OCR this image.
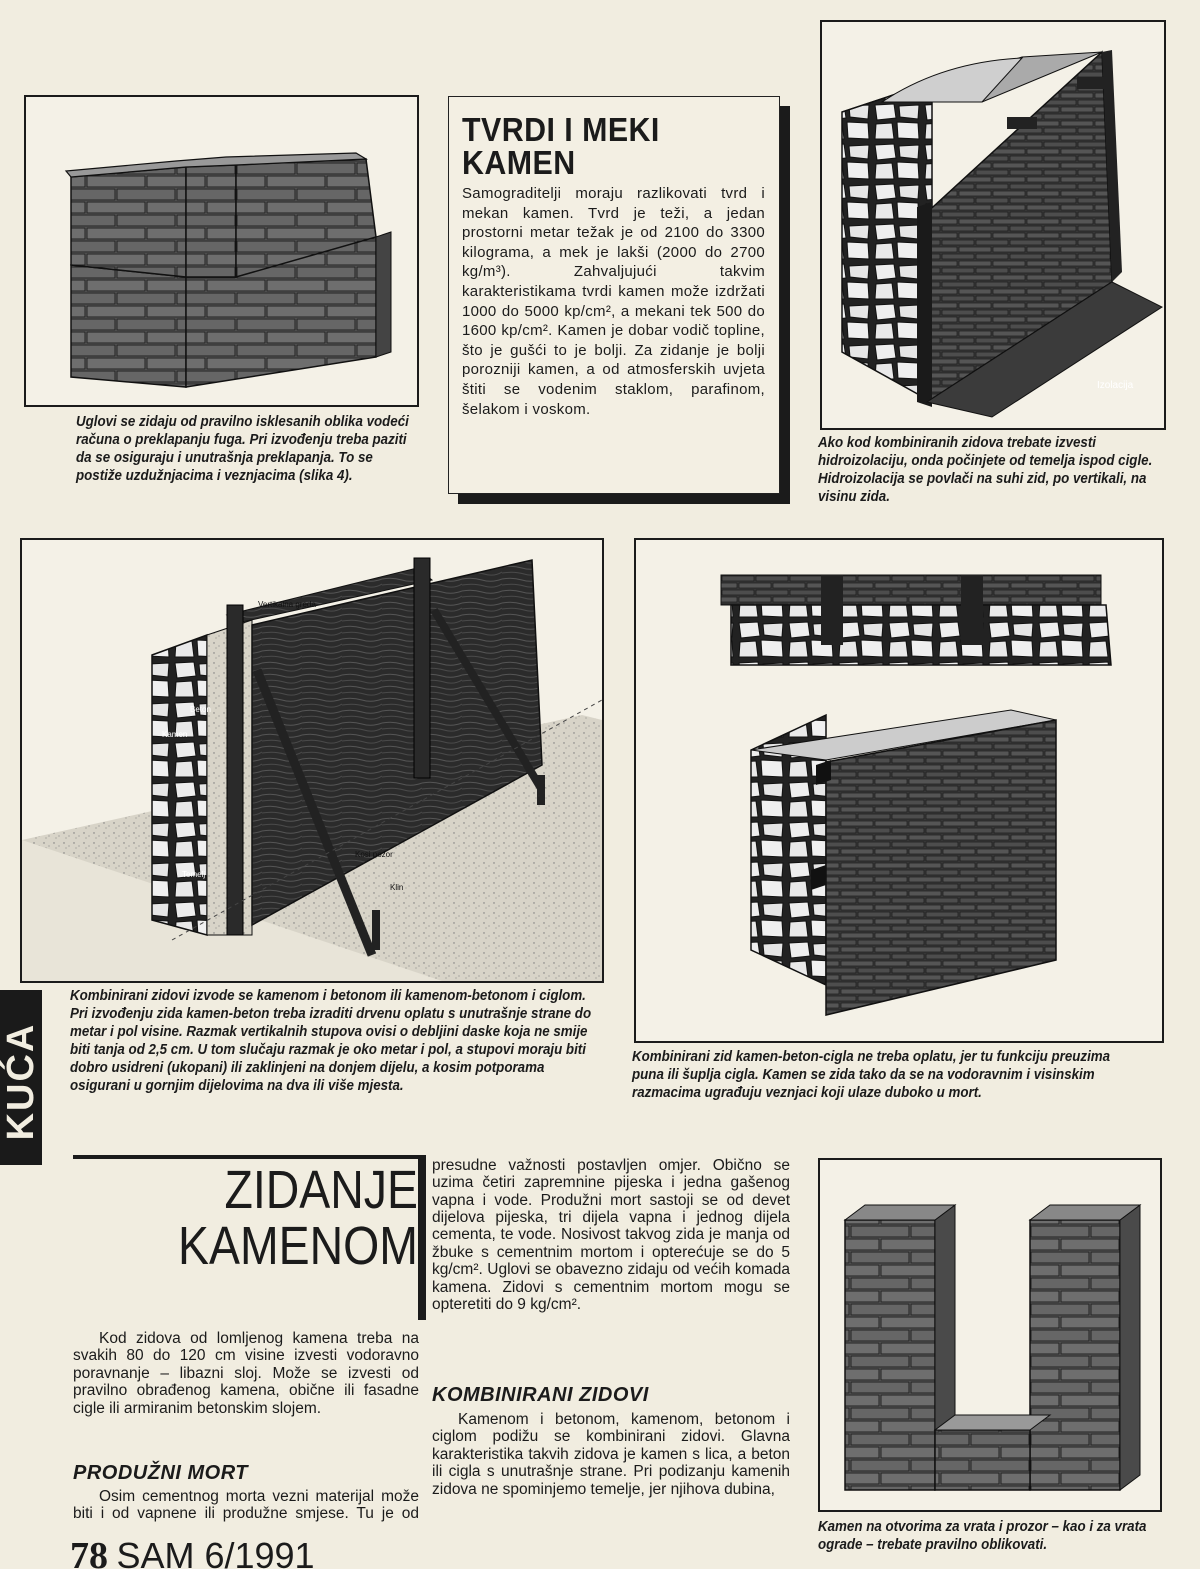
Uglovi se zidaju od pravilno isklesanih oblika vodeći računa o preklapanju fuga. Pri izvođenju treba paziti da se osiguraju i unutrašnja preklapanja. To se postiže uzdužnjacima i veznjacima (slika 4).
TVRDI I MEKI
KAMEN
Samograditelji moraju razlikovati tvrd i mekan kamen. Tvrd je teži, a jedan prostorni metar težak je od 2100 do 3300 kilograma, a mek je lakši (2000 do 2700 kg/m³). Zahvaljujući takvim karakteristikama tvrdi kamen može izdržati 1000 do 5000 kp/cm², a mekani tek 500 do 1600 kp/cm². Kamen je dobar vodič topline, što je gušći to je bolji. Za zidanje je bolji porozniji kamen, a od atmosferskih uvjeta štiti se vodenim staklom, parafinom, šelakom i voskom.
Izolacija
Ako kod kombiniranih zidova trebate izvesti hidroizolaciju, onda počinjete od temelja ispod cigle. Hidroizolacija se povlači na suhi zid, po vertikali, na visinu zida.
Vertikalna greda
Beton
Kamen
Kosi pozor
Klin
Temelj
Kombinirani zidovi izvode se kamenom i betonom ili kamenom-betonom i ciglom. Pri izvođenju zida kamen-beton treba izraditi drvenu oplatu s unutrašnje strane do metar i pol visine. Razmak vertikalnih stupova ovisi o debljini daske koja ne smije biti tanja od 2,5 cm. U tom slučaju razmak je oko metar i pol, a stupovi moraju biti dobro usidreni (ukopani) ili zaklinjeni na donjem dijelu, a kosim potporama osigurani u gornjim dijelovima na dva ili više mjesta.
Kombinirani zid kamen-beton-cigla ne treba oplatu, jer tu funkciju preuzima puna ili šuplja cigla. Kamen se zida tako da se na vodoravnim i visinskim razmacima ugrađuju veznjaci koji ulaze duboko u mort.
KUĆA
ZIDANJE
KAMENOM
Kod zidova od lomljenog kamena treba na svakih 80 do 120 cm visine izvesti vodoravno poravnanje – libazni sloj. Može se izvesti od pravilno obrađenog kamena, obične ili fasadne cigle ili armiranim betonskim slojem.
PRODUŽNI MORT
Osim cementnog morta vezni materijal može biti i od vapnene ili produžne smjese. Tu je od
presudne važnosti postavljen omjer. Obično se uzima četiri zapremnine pijeska i jedna gašenog vapna i vode. Produžni mort sastoji se od devet dijelova pijeska, tri dijela vapna i jednog dijela cementa, te vode. Nosivost takvog zida je manja od žbuke s cementnim mortom i opterećuje se do 5 kg/cm². Uglovi se obavezno zidaju od većih komada kamena. Zidovi s cementnim mortom mogu se opteretiti do 9 kg/cm².
KOMBINIRANI ZIDOVI
Kamenom i betonom, kamenom, betonom i ciglom podižu se kombinirani zidovi. Glavna karakteristika takvih zidova je kamen s lica, a beton ili cigla s unutrašnje strane. Pri podizanju kamenih zidova ne spominjemo temelje, jer njihova dubina,
Kamen na otvorima za vrata i prozor – kao i za vrata ograde – trebate pravilno oblikovati.
78 SAM 6/1991
